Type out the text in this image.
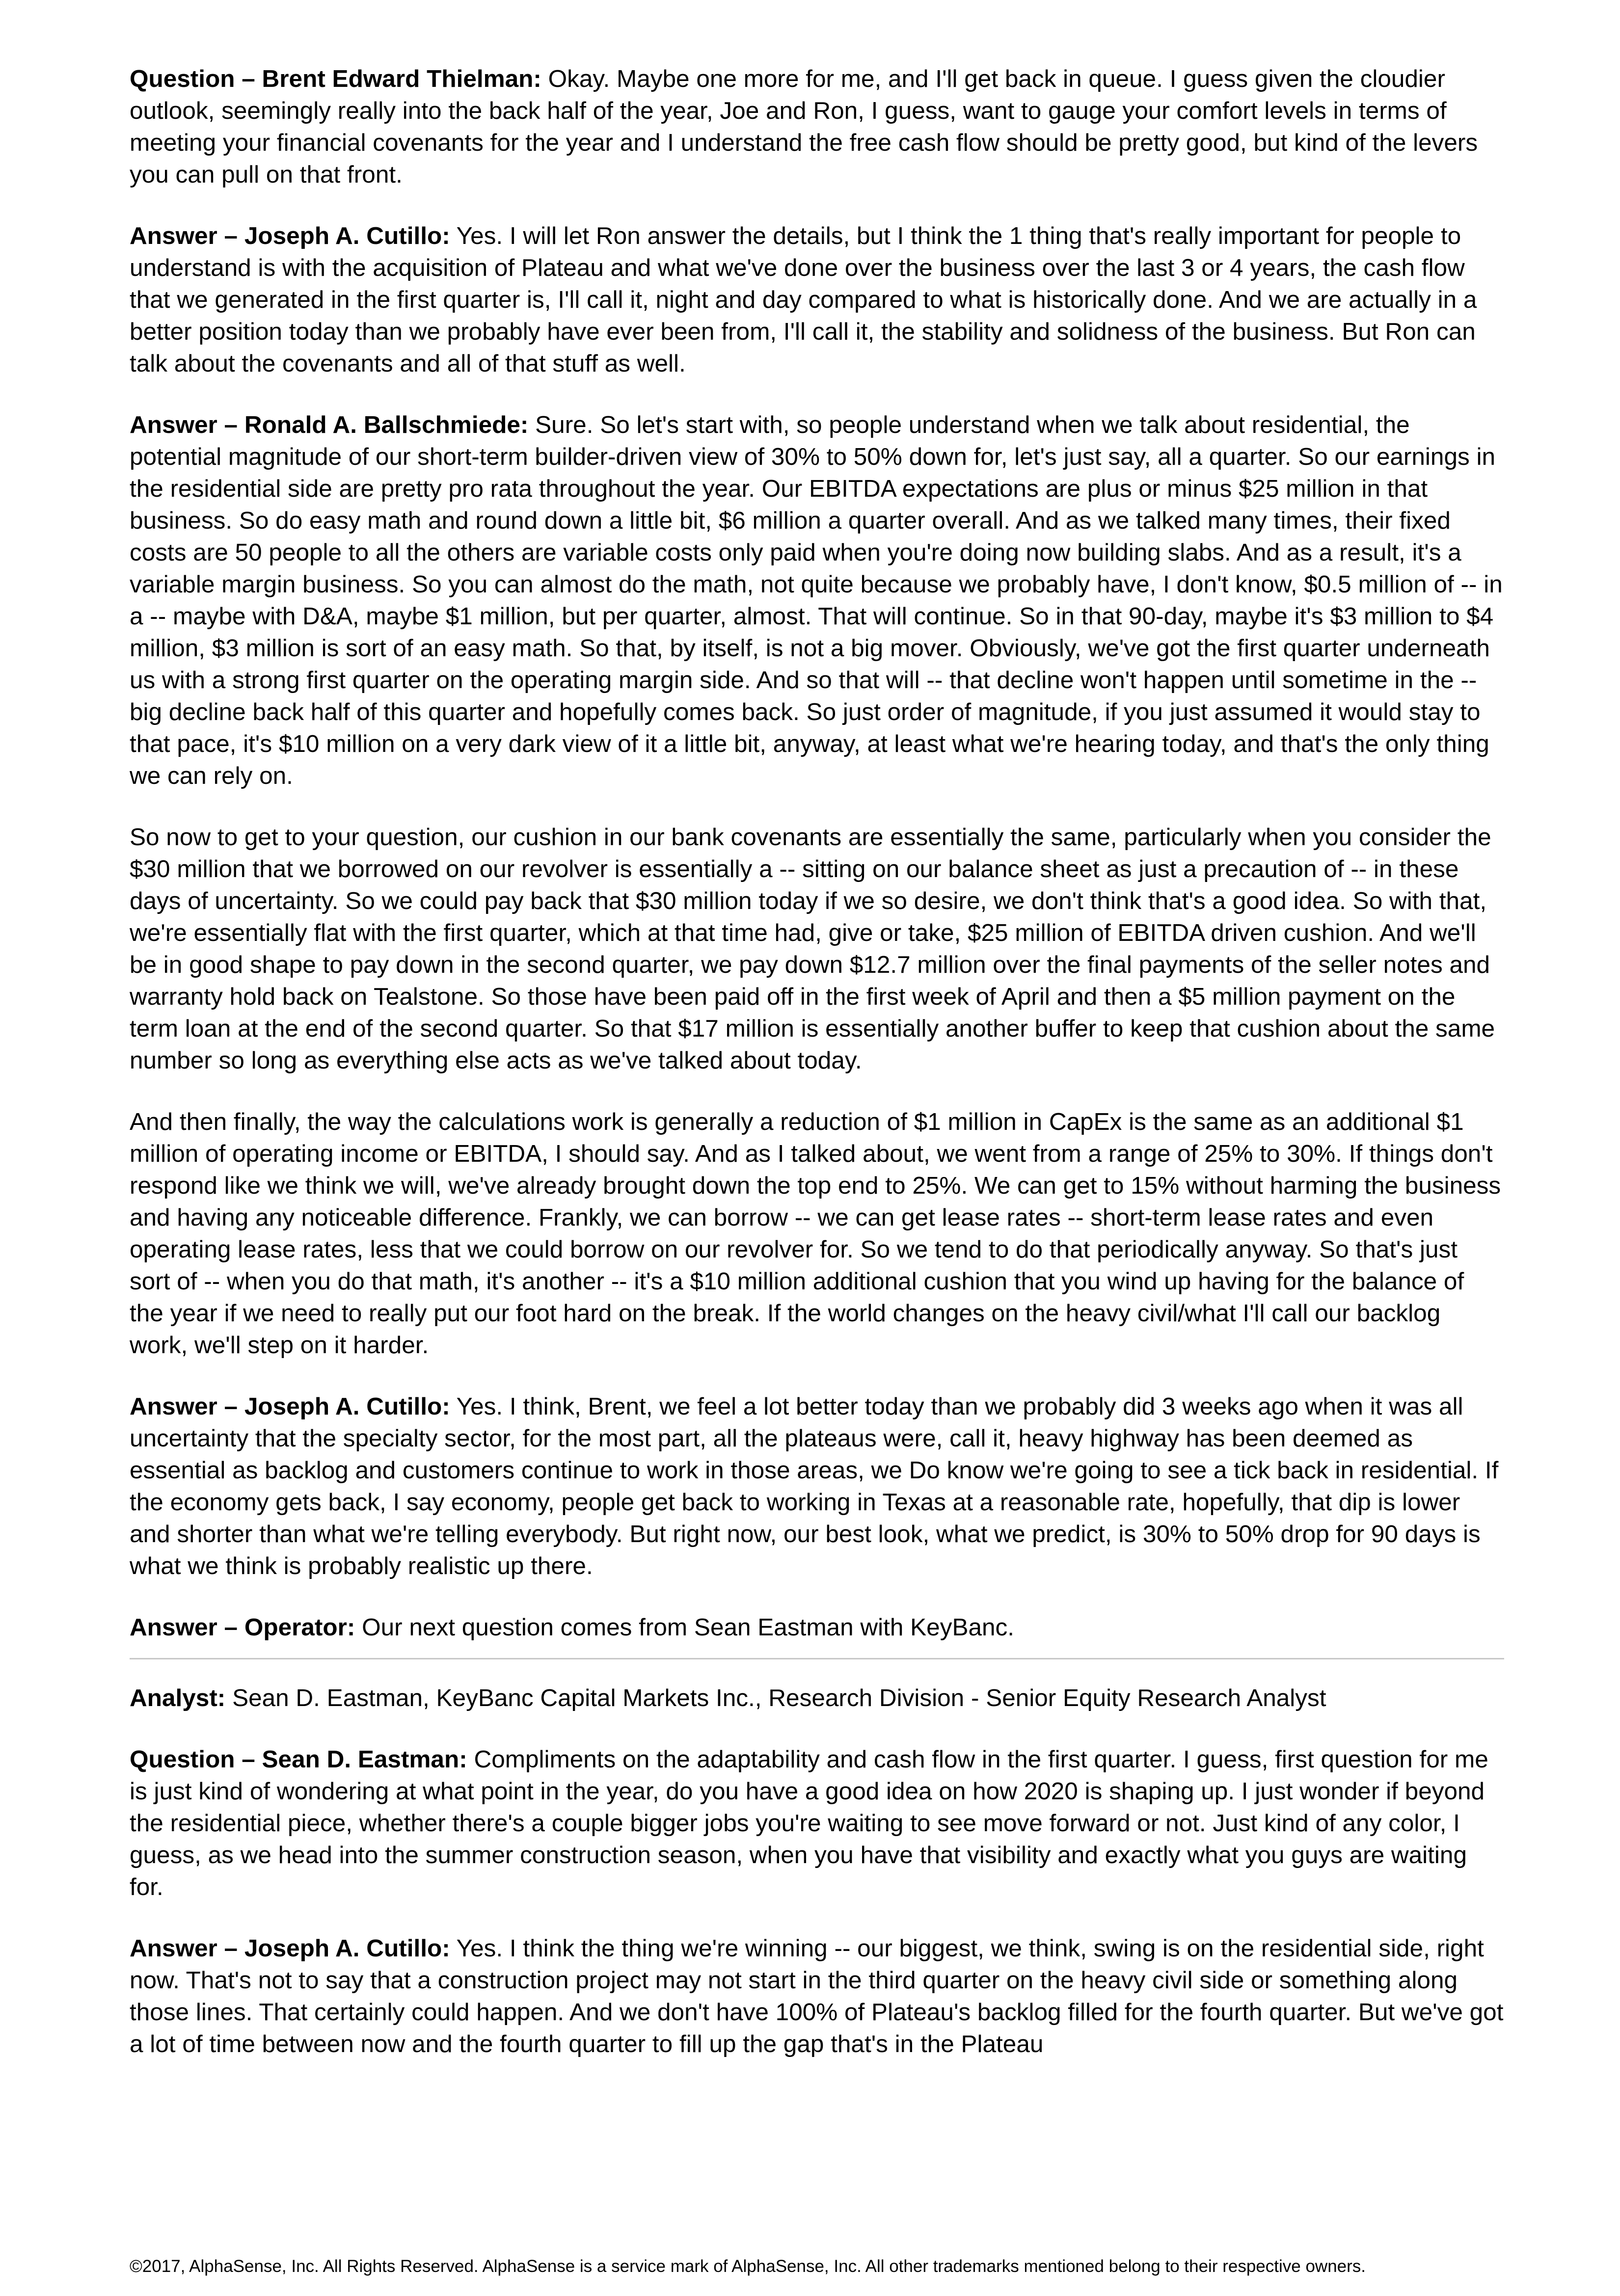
Question – Brent Edward Thielman: Okay. Maybe one more for me, and I'll get back in queue. I guess given the cloudier outlook, seemingly really into the back half of the year, Joe and Ron, I guess, want to gauge your comfort levels in terms of meeting your financial covenants for the year and I understand the free cash flow should be pretty good, but kind of the levers you can pull on that front.

Answer – Joseph A. Cutillo: Yes. I will let Ron answer the details, but I think the 1 thing that's really important for people to understand is with the acquisition of Plateau and what we've done over the business over the last 3 or 4 years, the cash flow that we generated in the first quarter is, I'll call it, night and day compared to what is historically done. And we are actually in a better position today than we probably have ever been from, I'll call it, the stability and solidness of the business. But Ron can talk about the covenants and all of that stuff as well.

Answer – Ronald A. Ballschmiede: Sure. So let's start with, so people understand when we talk about residential, the potential magnitude of our short-term builder-driven view of 30% to 50% down for, let's just say, all a quarter. So our earnings in the residential side are pretty pro rata throughout the year. Our EBITDA expectations are plus or minus $25 million in that business. So do easy math and round down a little bit, $6 million a quarter overall. And as we talked many times, their fixed costs are 50 people to all the others are variable costs only paid when you're doing now building slabs. And as a result, it's a variable margin business. So you can almost do the math, not quite because we probably have, I don't know, $0.5 million of -- in a -- maybe with D&A, maybe $1 million, but per quarter, almost. That will continue. So in that 90-day, maybe it's $3 million to $4 million, $3 million is sort of an easy math. So that, by itself, is not a big mover. Obviously, we've got the first quarter underneath us with a strong first quarter on the operating margin side. And so that will -- that decline won't happen until sometime in the -- big decline back half of this quarter and hopefully comes back. So just order of magnitude, if you just assumed it would stay to that pace, it's $10 million on a very dark view of it a little bit, anyway, at least what we're hearing today, and that's the only thing we can rely on.

So now to get to your question, our cushion in our bank covenants are essentially the same, particularly when you consider the $30 million that we borrowed on our revolver is essentially a -- sitting on our balance sheet as just a precaution of -- in these days of uncertainty. So we could pay back that $30 million today if we so desire, we don't think that's a good idea. So with that, we're essentially flat with the first quarter, which at that time had, give or take, $25 million of EBITDA driven cushion. And we'll be in good shape to pay down in the second quarter, we pay down $12.7 million over the final payments of the seller notes and warranty hold back on Tealstone. So those have been paid off in the first week of April and then a $5 million payment on the term loan at the end of the second quarter. So that $17 million is essentially another buffer to keep that cushion about the same number so long as everything else acts as we've talked about today.

And then finally, the way the calculations work is generally a reduction of $1 million in CapEx is the same as an additional $1 million of operating income or EBITDA, I should say. And as I talked about, we went from a range of 25% to 30%. If things don't respond like we think we will, we've already brought down the top end to 25%. We can get to 15% without harming the business and having any noticeable difference. Frankly, we can borrow -- we can get lease rates -- short-term lease rates and even operating lease rates, less that we could borrow on our revolver for. So we tend to do that periodically anyway. So that's just sort of -- when you do that math, it's another -- it's a $10 million additional cushion that you wind up having for the balance of the year if we need to really put our foot hard on the break. If the world changes on the heavy civil/what I'll call our backlog work, we'll step on it harder.

Answer – Joseph A. Cutillo: Yes. I think, Brent, we feel a lot better today than we probably did 3 weeks ago when it was all uncertainty that the specialty sector, for the most part, all the plateaus were, call it, heavy highway has been deemed as essential as backlog and customers continue to work in those areas, we Do know we're going to see a tick back in residential. If the economy gets back, I say economy, people get back to working in Texas at a reasonable rate, hopefully, that dip is lower and shorter than what we're telling everybody. But right now, our best look, what we predict, is 30% to 50% drop for 90 days is what we think is probably realistic up there.

Answer – Operator: Our next question comes from Sean Eastman with KeyBanc.

Analyst: Sean D. Eastman, KeyBanc Capital Markets Inc., Research Division - Senior Equity Research Analyst

Question – Sean D. Eastman: Compliments on the adaptability and cash flow in the first quarter. I guess, first question for me is just kind of wondering at what point in the year, do you have a good idea on how 2020 is shaping up. I just wonder if beyond the residential piece, whether there's a couple bigger jobs you're waiting to see move forward or not. Just kind of any color, I guess, as we head into the summer construction season, when you have that visibility and exactly what you guys are waiting for.

Answer – Joseph A. Cutillo: Yes. I think the thing we're winning -- our biggest, we think, swing is on the residential side, right now. That's not to say that a construction project may not start in the third quarter on the heavy civil side or something along those lines. That certainly could happen. And we don't have 100% of Plateau's backlog filled for the fourth quarter. But we've got a lot of time between now and the fourth quarter to fill up the gap that's in the Plateau

©2017, AlphaSense, Inc. All Rights Reserved. AlphaSense is a service mark of AlphaSense, Inc. All other trademarks mentioned belong to their respective owners.
